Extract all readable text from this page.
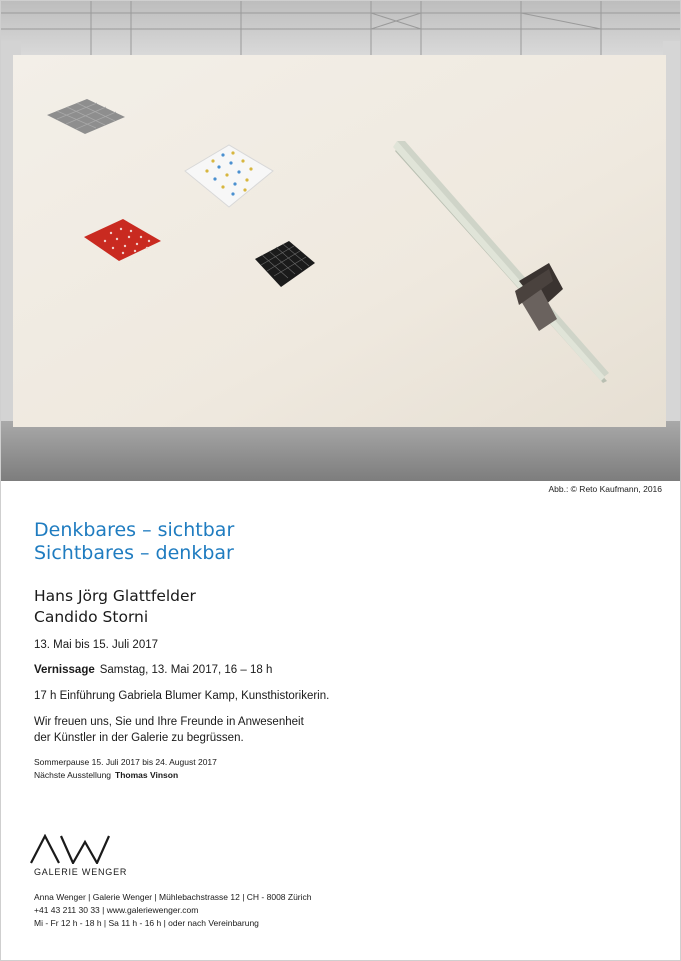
Abb.: © Reto Kaufmann, 2016
Denkbares – sichtbar
Sichtbares – denkbar
Hans Jörg Glattfelder
Candido Storni
13. Mai bis 15. Juli 2017
Vernissage Samstag, 13. Mai 2017, 16 – 18 h
17 h Einführung Gabriela Blumer Kamp, Kunsthistorikerin.
Wir freuen uns, Sie und Ihre Freunde in Anwesenheit
der Künstler in der Galerie zu begrüssen.
Sommerpause 15. Juli 2017 bis 24. August 2017
Nächste Ausstellung Thomas Vinson
GALERIE WENGER
Anna Wenger | Galerie Wenger | Mühlebachstrasse 12 | CH - 8008 Zürich
+41 43 211 30 33 | www.galeriewenger.com
Mi - Fr 12 h - 18 h | Sa 11 h - 16 h | oder nach Vereinbarung
